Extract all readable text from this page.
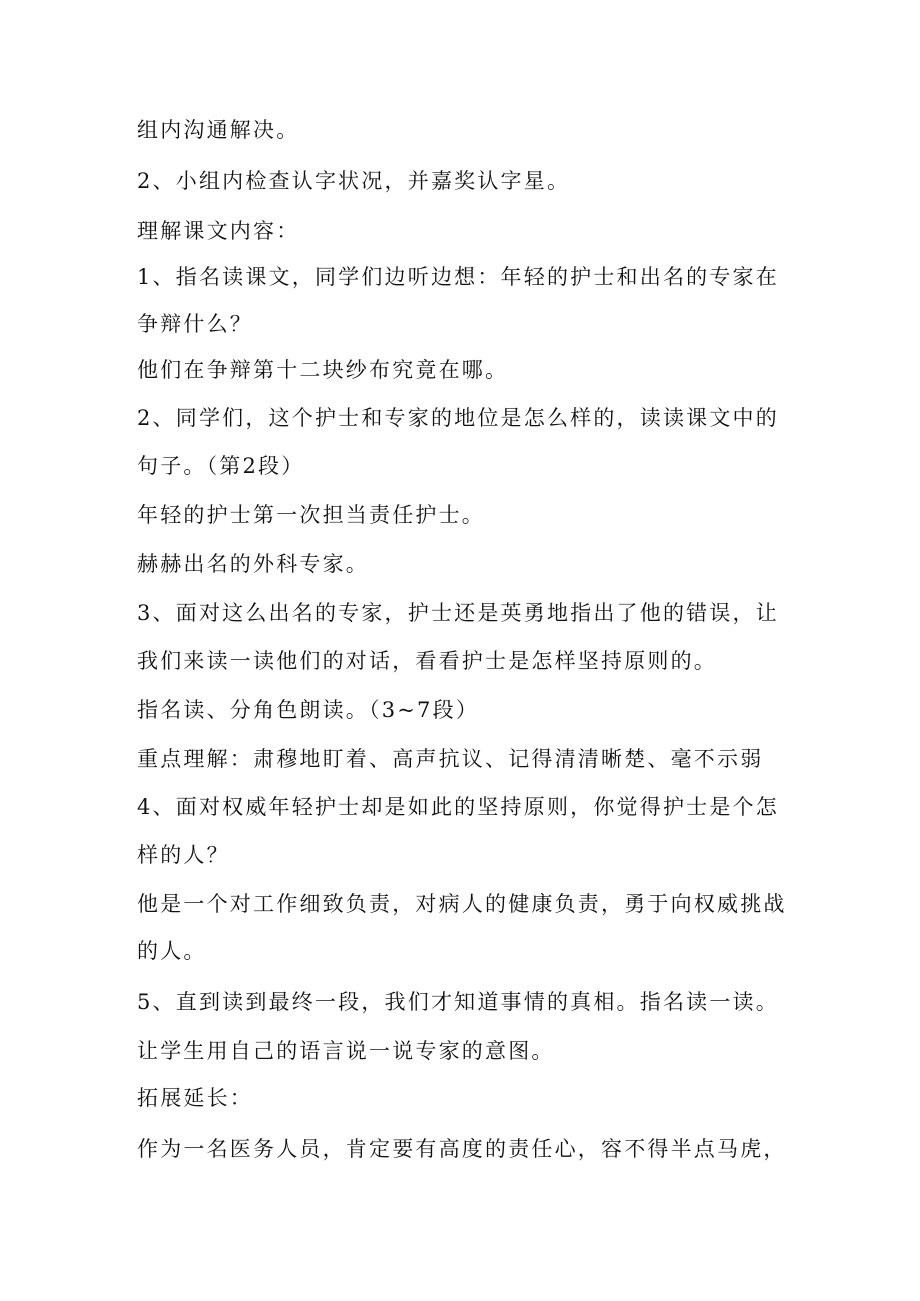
组内沟通解决。
2、小组内检查认字状况，并嘉奖认字星。
理解课文内容：
1、指名读课文，同学们边听边想：年轻的护士和出名的专家在
争辩什么？
他们在争辩第十二块纱布究竟在哪。
2、同学们，这个护士和专家的地位是怎么样的，读读课文中的
句子。（第2段）
年轻的护士第一次担当责任护士。
赫赫出名的外科专家。
3、面对这么出名的专家，护士还是英勇地指出了他的错误，让
我们来读一读他们的对话，看看护士是怎样坚持原则的。
指名读、分角色朗读。（3~7段）
重点理解：肃穆地盯着、高声抗议、记得清清晰楚、毫不示弱
4、面对权威年轻护士却是如此的坚持原则，你觉得护士是个怎
样的人？
他是一个对工作细致负责，对病人的健康负责，勇于向权威挑战
的人。
5、直到读到最终一段，我们才知道事情的真相。指名读一读。
让学生用自己的语言说一说专家的意图。
拓展延长：
作为一名医务人员，肯定要有高度的责任心，容不得半点马虎，
